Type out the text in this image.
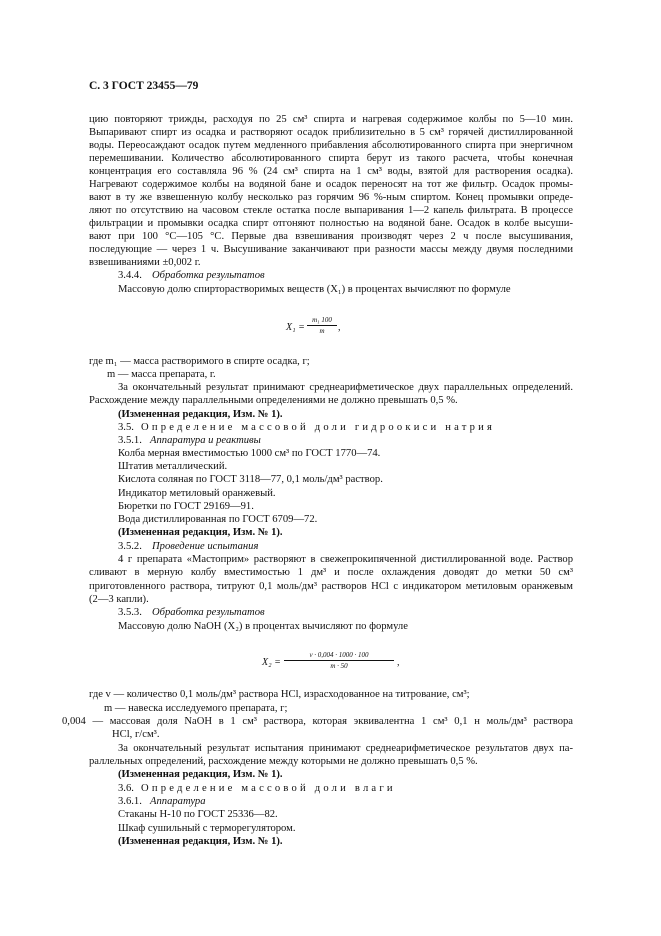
С. 3 ГОСТ 23455—79
цию повторяют трижды, расходуя по 25 см³ спирта и нагревая содержимое колбы по 5—10 мин.
Выпаривают спирт из осадка и растворяют осадок приблизительно в 5 см³ горячей дистиллированной
воды. Переосаждают осадок путем медленного прибавления абсолютированного спирта при энергичном
перемешивании. Количество абсолютированного спирта берут из такого расчета, чтобы конечная
концентрация его составляла 96 % (24 см³ спирта на 1 см³ воды, взятой для растворения осадка).
Нагревают содержимое колбы на водяной бане и осадок переносят на тот же фильтр. Осадок промы-
вают в ту же взвешенную колбу несколько раз горячим 96 %-ным спиртом. Конец промывки опреде-
ляют по отсутствию на часовом стекле остатка после выпаривания 1—2 капель фильтрата. В процессе
фильтрации и промывки осадка спирт отгоняют полностью на водяной бане. Осадок в колбе высуши-
вают при 100 °С—105 °С. Первые два взвешивания производят через 2 ч после высушивания,
последующие — через 1 ч. Высушивание заканчивают при разности массы между двумя последними
взвешиваниями ±0,002 г.
3.4.4. Обработка результатов
Массовую долю спирторастворимых веществ (X₁) в процентах вычисляют по формуле
$X_1 = \frac{\text{m₁ 100}}{m}$ ,
где m₁ — масса растворимого в спирте осадка, г;
m — масса препарата, г.
За окончательный результат принимают среднеарифметическое двух параллельных определений.
Расхождение между параллельными определениями не должно превышать 0,5 %.
(Измененная редакция, Изм. № 1).
3.5. Определение массовой доли гидроокиси натрия
3.5.1. Аппаратура и реактивы
Колба мерная вместимостью 1000 см³ по ГОСТ 1770—74.
Штатив металлический.
Кислота соляная по ГОСТ 3118—77, 0,1 моль/дм³ раствор.
Индикатор метиловый оранжевый.
Бюретки по ГОСТ 29169—91.
Вода дистиллированная по ГОСТ 6709—72.
(Измененная редакция, Изм. № 1).
3.5.2. Проведение испытания
4 г препарата «Мастоприм» растворяют в свежепрокипяченной дистиллированной воде. Раствор
сливают в мерную колбу вместимостью 1 дм³ и после охлаждения доводят до метки 50 см³
приготовленного раствора, титруют 0,1 моль/дм³ растворов HCl с индикатором метиловым оранжевым
(2—3 капли).
3.5.3. Обработка результатов
Массовую долю NaOH (X₂) в процентах вычисляют по формуле
$X_2 = \frac{v \cdot 0,004 \cdot 1000 \cdot 100}{m \cdot 50}$ ,
где v — количество 0,1 моль/дм³ раствора HCl, израсходованное на титрование, см³;
m — навеска исследуемого препарата, г;
0,004 — массовая доля NaOH в 1 см³ раствора, которая эквивалентна 1 см³ 0,1 н моль/дм³ раствора
HCl, г/см³.
За окончательный результат испытания принимают среднеарифметическое результатов двух па-
раллельных определений, расхождение между которыми не должно превышать 0,5 %.
(Измененная редакция, Изм. № 1).
3.6. Определение массовой доли влаги
3.6.1. Аппаратура
Стаканы Н-10 по ГОСТ 25336—82.
Шкаф сушильный с терморегулятором.
(Измененная редакция, Изм. № 1).
